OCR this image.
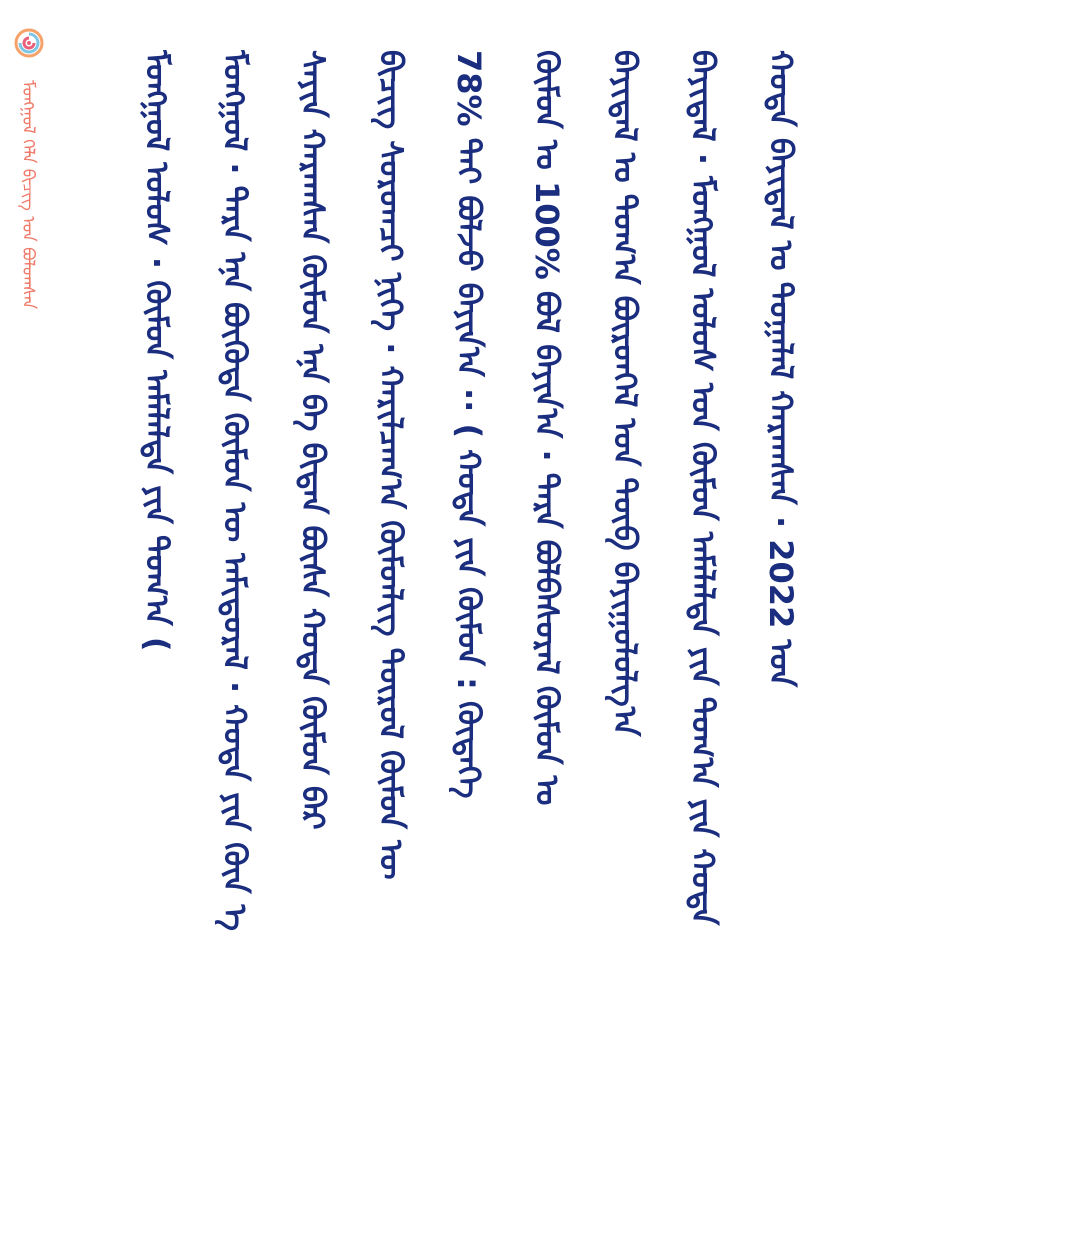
ᠮᠣᠩᠭᠣᠯ ᠬᠡᠯᠡ ᠪᠢᠴᠢᠭ ᠤᠨ ᠪᠣᠯᠤᠭᠰᠠᠨ	ᠮᠣᠩᠭᠣᠯ ᠤᠯᠤᠰ · ᠬᠦᠮᠦᠨ ᠠᠮᠠᠯᠠᠯᠲᠠ ᠶᠢᠨ ᠲᠣᠭ᠎ᠠ (	ᠮᠣᠩᠭᠣᠯ · ᠲᠡᠷᠡ ᠡᠨᠡ ᠪᠦᠭᠦᠳᠡ ᠬᠦᠮᠦᠨ ᠦ ᠠᠮᠢᠳᠤᠷᠠᠯ · ᠬᠣᠲᠠ ᠶᠢᠨ ᠬᠦᠨ ᠡ	ᠰᠠᠶᠢᠨ ᠬᠠᠷᠠᠭᠰᠠᠨ ᠬᠦᠮᠦᠨ ᠡᠨᠡ ᠪᠠ ᠪᠢᠳᠡᠨ ᠪᠦᠰᠡ ᠬᠣᠲᠠ ᠬᠦᠮᠦᠨ ᠪᠡᠷ	ᠪᠢᠴᠢᠭ ᠰᠤᠷᠤᠭᠴᠢ ᠨᠢᠭᠡ · ᠬᠠᠷᠢᠯᠴᠠᠭ᠎ᠠ ᠬᠦᠮᠦᠨᠯᠢᠭ ᠲᠦᠷᠦᠯ ᠬᠦᠮᠦᠨ ᠦ	78% ᠲᠡᠢ ᠪᠣᠯᠵᠤ ᠪᠠᠶᠢᠨ᠎ᠠ ·· ( ᠬᠣᠲᠠ ᠶᠢᠨ ᠬᠦᠮᠦᠨ : ᠬᠦᠳᠡᠭᠡ	ᠬᠦᠮᠦᠨ ᠤ 100% ᠪᠣᠯ ᠪᠠᠶᠢᠨ᠎ᠠ · ᠲᠡᠷᠡ ᠪᠣᠯᠪᠠᠰᠤᠷᠠᠯ ᠬᠦᠮᠦᠨ ᠤ	ᠪᠠᠶᠢᠳᠠᠯ ᠤ ᠲᠣᠭ᠎ᠠ ᠪᠦᠷᠳᠬᠡᠯ ᠤᠨ ᠲᠦᠪ ᠪᠠᠶᠢᠭᠤᠯᠤᠯᠭ᠎ᠠ	ᠪᠠᠶᠢᠳᠠᠯ · ᠮᠣᠩᠭᠣᠯ ᠤᠯᠤᠰ ᠤᠨ ᠬᠦᠮᠦᠨ ᠠᠮᠠᠯᠠᠯᠲᠠ ᠶᠢᠨ ᠲᠣᠭ᠎ᠠ ᠶᠢᠨ ᠬᠣᠲᠠ	ᠬᠣᠲᠠ ᠪᠠᠶᠢᠳᠠᠯ ᠤ ᠲᠣᠭᠠᠯᠠᠯ ᠬᠠᠷᠠᠭᠰᠠᠨ · 2022 ᠣᠨ
